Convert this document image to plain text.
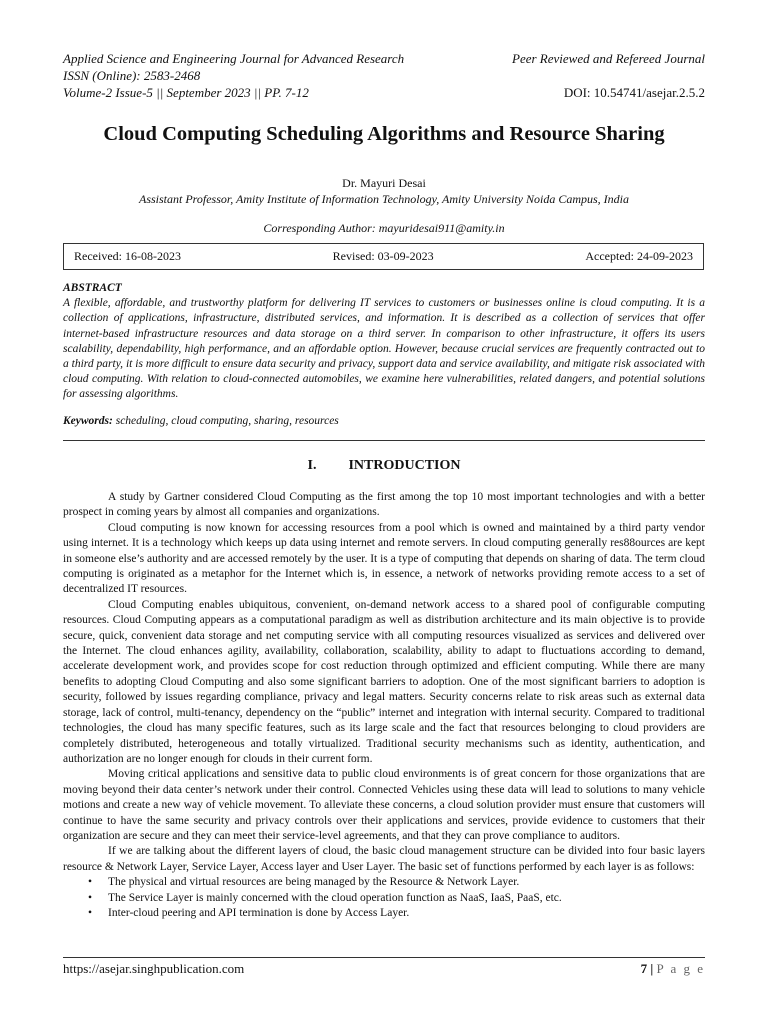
Applied Science and Engineering Journal for Advanced Research	Peer Reviewed and Refereed Journal
ISSN (Online): 2583-2468
Volume-2 Issue-5 || September 2023 || PP. 7-12	DOI: 10.54741/asejar.2.5.2
Cloud Computing Scheduling Algorithms and Resource Sharing
Dr. Mayuri Desai
Assistant Professor, Amity Institute of Information Technology, Amity University Noida Campus, India
Corresponding Author: mayuridesai911@amity.in
Received: 16-08-2023	Revised: 03-09-2023	Accepted: 24-09-2023
ABSTRACT

A flexible, affordable, and trustworthy platform for delivering IT services to customers or businesses online is cloud computing. It is a collection of applications, infrastructure, distributed services, and information. It is described as a collection of services that offer internet-based infrastructure resources and data storage on a third server. In comparison to other infrastructure, it offers its users scalability, dependability, high performance, and an affordable option. However, because crucial services are frequently contracted out to a third party, it is more difficult to ensure data security and privacy, support data and service availability, and mitigate risk associated with cloud computing. With relation to cloud-connected automobiles, we examine here vulnerabilities, related dangers, and potential solutions for assessing algorithms.

Keywords: scheduling, cloud computing, sharing, resources
I. INTRODUCTION

A study by Gartner considered Cloud Computing as the first among the top 10 most important technologies and with a better prospect in coming years by almost all companies and organizations.

Cloud computing is now known for accessing resources from a pool which is owned and maintained by a third party vendor using internet. It is a technology which keeps up data using internet and remote servers. In cloud computing generally res88ources are kept in someone else’s authority and are accessed remotely by the user. It is a type of computing that depends on sharing of data. The term cloud computing is originated as a metaphor for the Internet which is, in essence, a network of networks providing remote access to a set of decentralized IT resources.

Cloud Computing enables ubiquitous, convenient, on-demand network access to a shared pool of configurable computing resources. Cloud Computing appears as a computational paradigm as well as distribution architecture and its main objective is to provide secure, quick, convenient data storage and net computing service with all computing resources visualized as services and delivered over the Internet. The cloud enhances agility, availability, collaboration, scalability, ability to adapt to fluctuations according to demand, accelerate development work, and provides scope for cost reduction through optimized and efficient computing. While there are many benefits to adopting Cloud Computing and also some significant barriers to adoption. One of the most significant barriers to adoption is security, followed by issues regarding compliance, privacy and legal matters. Security concerns relate to risk areas such as external data storage, lack of control, multi-tenancy, dependency on the “public” internet and integration with internal security. Compared to traditional technologies, the cloud has many specific features, such as its large scale and the fact that resources belonging to cloud providers are completely distributed, heterogeneous and totally virtualized. Traditional security mechanisms such as identity, authentication, and authorization are no longer enough for clouds in their current form.

Moving critical applications and sensitive data to public cloud environments is of great concern for those organizations that are moving beyond their data center’s network under their control. Connected Vehicles using these data will lead to solutions to many vehicle motions and create a new way of vehicle movement. To alleviate these concerns, a cloud solution provider must ensure that customers will continue to have the same security and privacy controls over their applications and services, provide evidence to customers that their organization are secure and they can meet their service-level agreements, and that they can prove compliance to auditors.

If we are talking about the different layers of cloud, the basic cloud management structure can be divided into four basic layers resource & Network Layer, Service Layer, Access layer and User Layer. The basic set of functions performed by each layer is as follows:

• The physical and virtual resources are being managed by the Resource & Network Layer.
• The Service Layer is mainly concerned with the cloud operation function as NaaS, IaaS, PaaS, etc.
• Inter-cloud peering and API termination is done by Access Layer.
https://asejar.singhpublication.com	7 | P a g e
